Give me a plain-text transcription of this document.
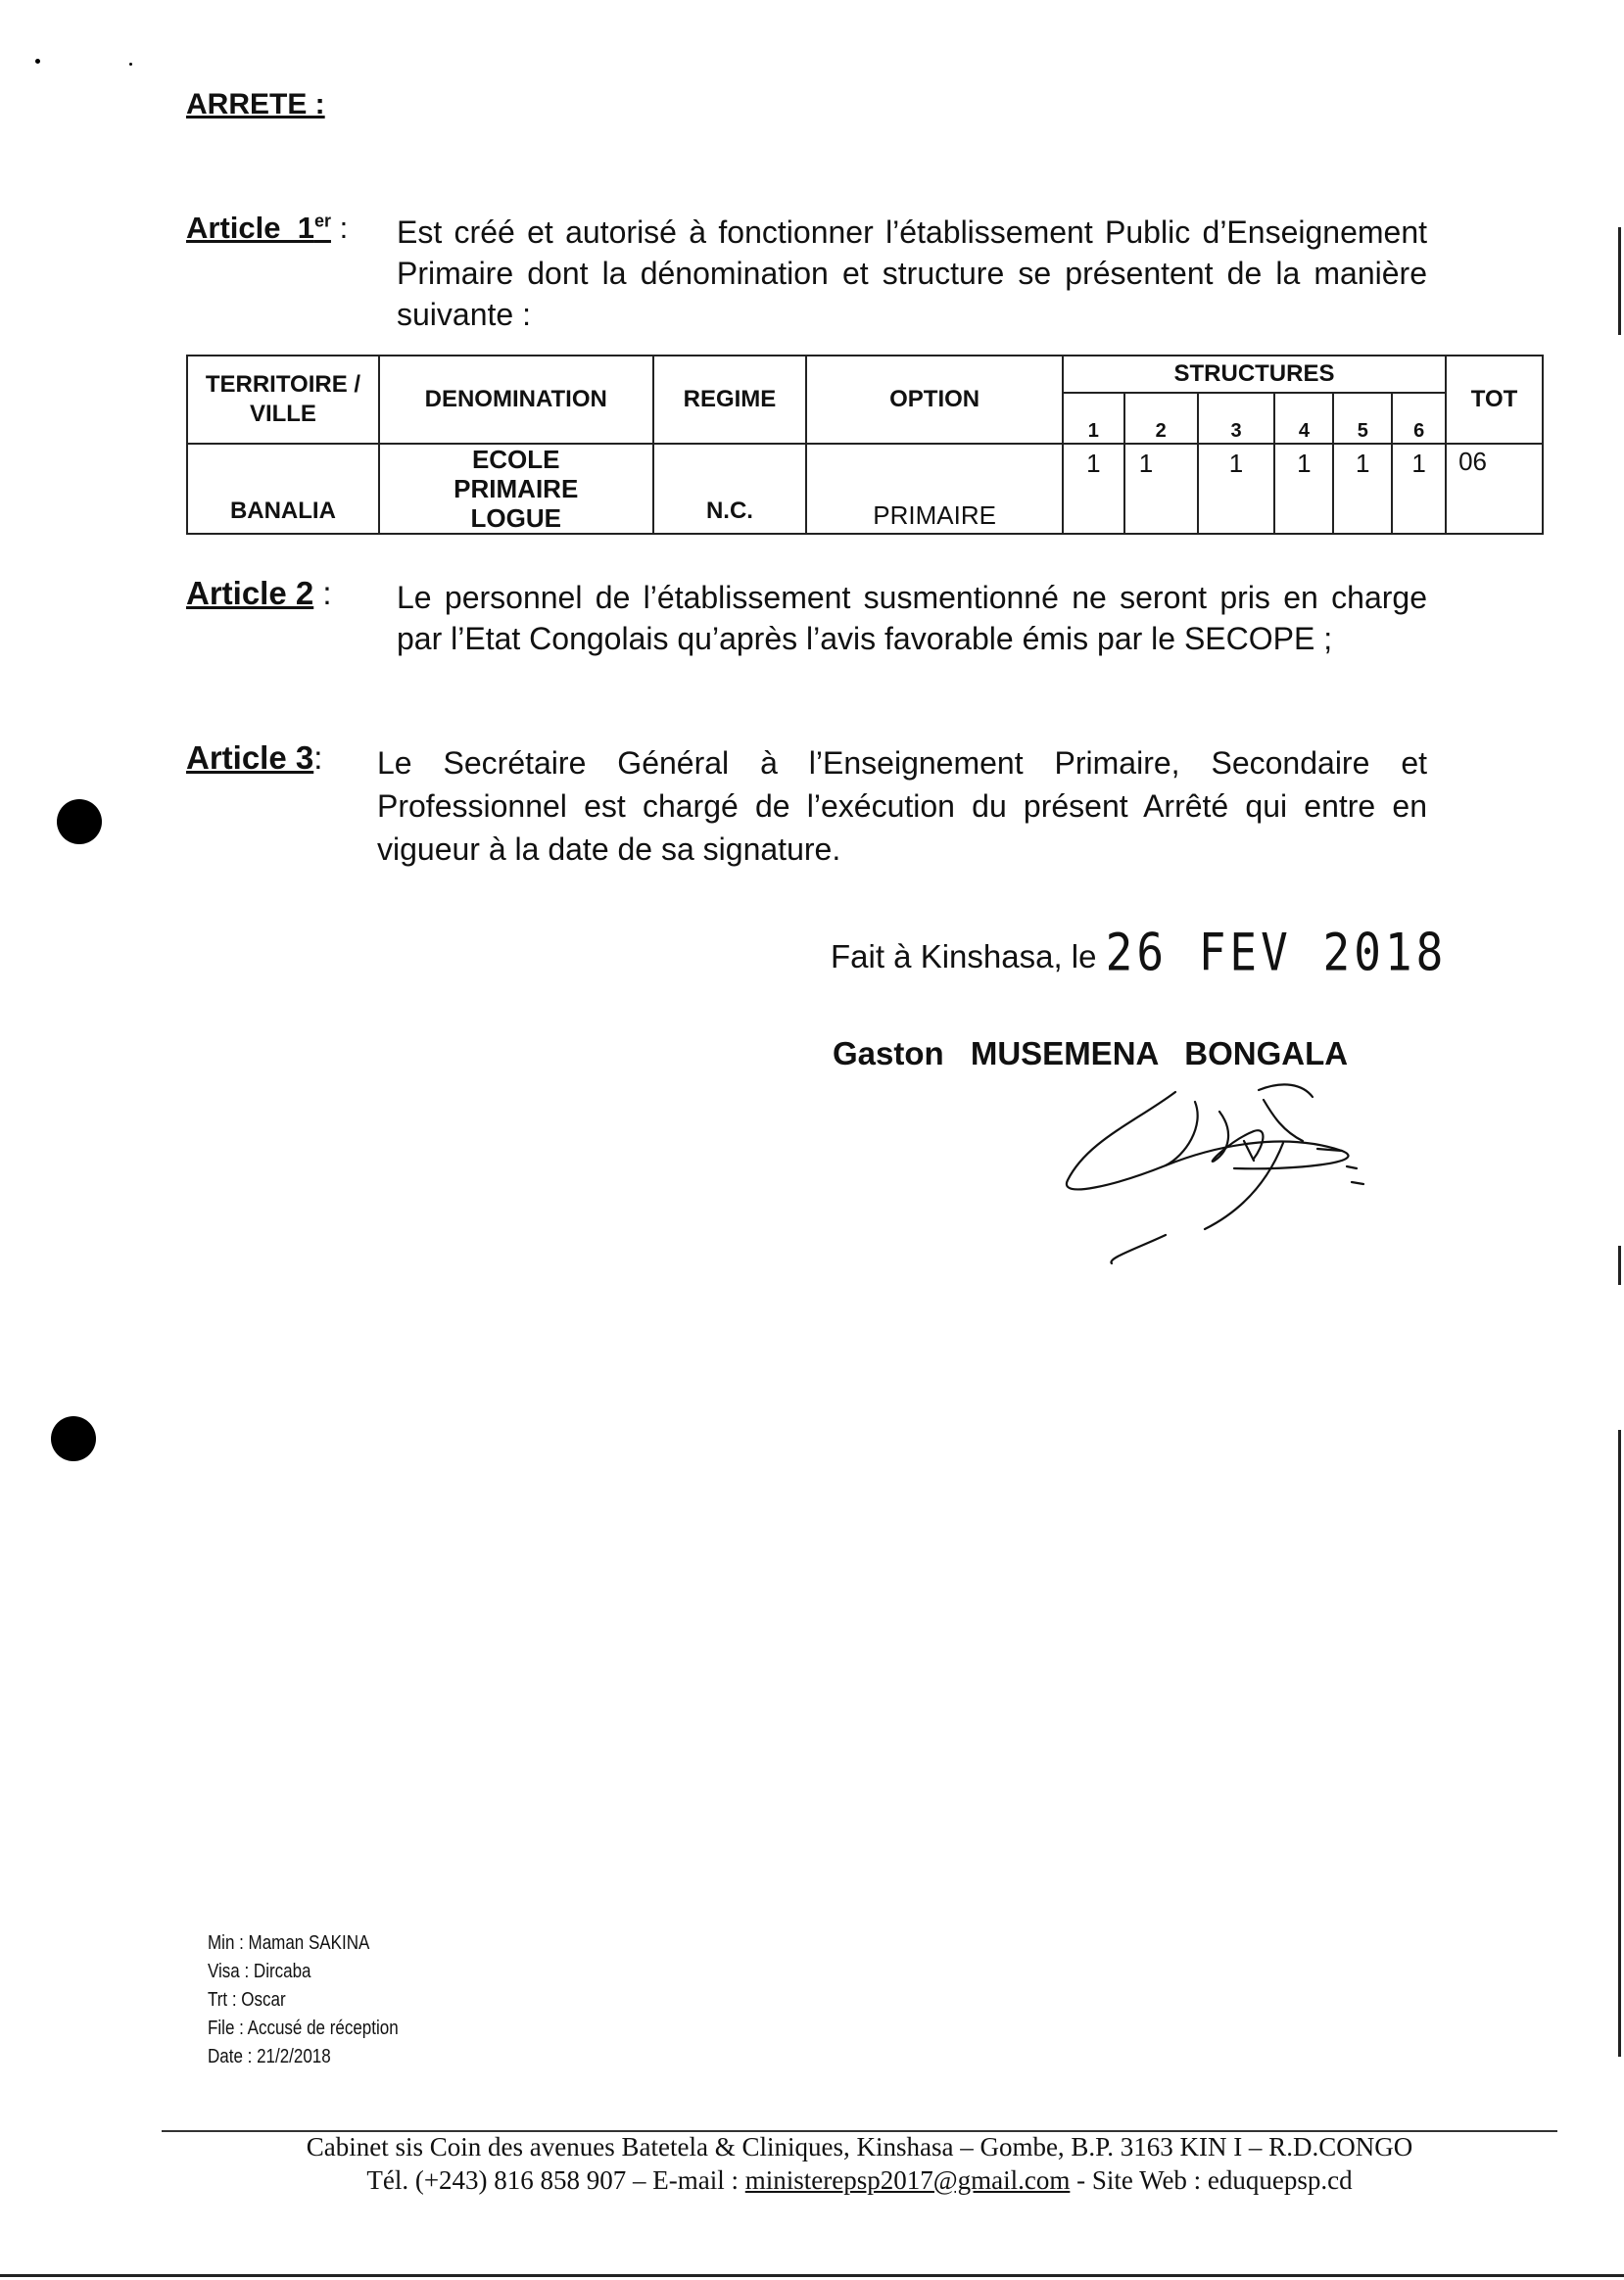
ARRETE :
Article  1er : Est créé et autorisé à fonctionner l’établissement Public d’Enseignement Primaire dont la dénomination et structure se présentent de la manière suivante :
TERRITOIRE / VILLE	DENOMINATION	REGIME	OPTION	STRUCTURES						TOT
				1	2	3	4	5	6	
BANALIA	ECOLE PRIMAIRE LOGUE	N.C.	PRIMAIRE	1	1	1	1	1	1	06
Article 2 : Le personnel de l’établissement susmentionné ne seront pris en charge par l’Etat Congolais qu’après l’avis favorable émis par le SECOPE ;
Article 3: Le Secrétaire Général à l’Enseignement Primaire, Secondaire et Professionnel est chargé de l’exécution du présent Arrêté qui entre en vigueur à la date de sa signature.
Fait à Kinshasa, le 26 FEV 2018
Gaston MUSEMENA BONGALA
Min : Maman SAKINA
Visa : Dircaba
Trt : Oscar
File : Accusé de réception
Date : 21/2/2018
Cabinet sis Coin des avenues Batetela & Cliniques, Kinshasa – Gombe, B.P. 3163 KIN I – R.D.CONGO
Tél. (+243) 816 858 907 – E-mail : ministerepsp2017@gmail.com - Site Web : eduquepsp.cd
